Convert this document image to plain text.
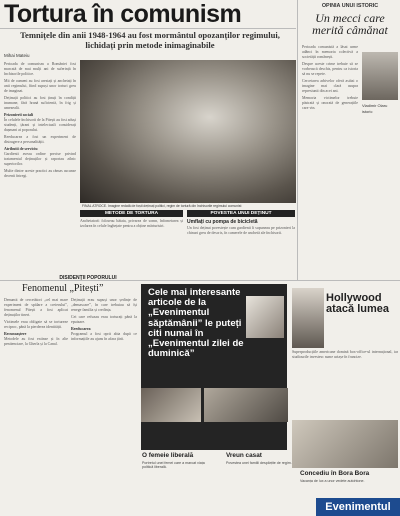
Tortura în comunism
Temnițele din anii 1948-1964 au fost mormântul opozanților regimului, lichidați prin metode inimaginabile
Mihai Mateiu

Perioada de comunism a României fost marcată de mai mulți ani de suferință în închisorile politice.

Mii de oameni au fost arestați și anchetați în anii regimului, fiind supuși unor torturi greu de imaginat.

Deținuții politici au fost ținuți în condiții inumane, fără hrană suficientă, în frig și umezeală.

Prizonierii sociali

În celulele închisorii de la Pitești au fost aduși studenți, țărani și intelectuali considerați dușmani ai poporului.

Reeducarea a fost un experiment de distrugere a personalității.

Atributii de serviciu

Gardienii aveau ordine precise privind tratamentul deținuților și raportau zilnic superiorilor.

Multe dintre aceste practici au rămas ascunse decenii întregi.

FINAL ATROCE. Imagine redată de foști deținuți politici, regim de tortură din închisorile regimului comunist
OPINIA UNUI ISTORIC
Un mecci care merită câmănat

Perioada comunistă a lăsat urme adânci în memoria colectivă a societății românești.

Despre aceste crime trebuie să se vorbească deschis, pentru ca istoria să nu se repete.

Cercetarea arhivelor oferă astăzi o imagine mai clară asupra represiunii din acei ani.

Memoria victimelor trebuie păstrată și onorată de generațiile care vin.	Vladimir Olaru
istoric
METODE DE TORTURA
Anchetatorii foloseau bătaia, privarea de somn, înfometarea și izolarea în celule înghețate pentru a obține mărturisiri.
POVESTEA UNUI DEȚINUT
Umflați cu pompa de bicicletă
Un fost deținut povestește cum gardienii îi supuneau pe prizonieri la chinuri greu de descris, în camerele de anchetă ale închisorii.
DISIDENȚII POPORULUI
Fenomenul „Pitești”

Denumit de cercetători „cel mai mare experiment de spălare a creierului”, fenomenul Pitești a fost aplicat deținuților tineri.

Victimele erau obligate să se tortureze reciproc, până la pierderea identității.

Recunoaștere

Metodele au fost extinse și în alte penitenciare, la Gherla și la Canal.

Deținuții erau supuși unor ședințe de „demascare”, în care trebuiau să își renege familia și credința.

Cei care refuzau erau torturați până la epuizare.

Reeducarea

Programul a fost oprit abia după ce informațiile au ajuns în afara țării.

Cele mai interesante articole de la „Evenimentul săptămânii” le puteți citi numai în „Evenimentul zilei de duminică”
O femeie liberală
Portretul unei femei care a marcat viața politică liberală.
Vreun casat
Povestea unei familii despărțite de regim.
Concediu în Bora Bora
Vacanța de lux a unor vedete autohtone.
Hollywood atacă lumea
Superproducțiile americane domină box-office-ul internațional, iar studiourile investesc sume uriașe în francize.
Evenimentul
